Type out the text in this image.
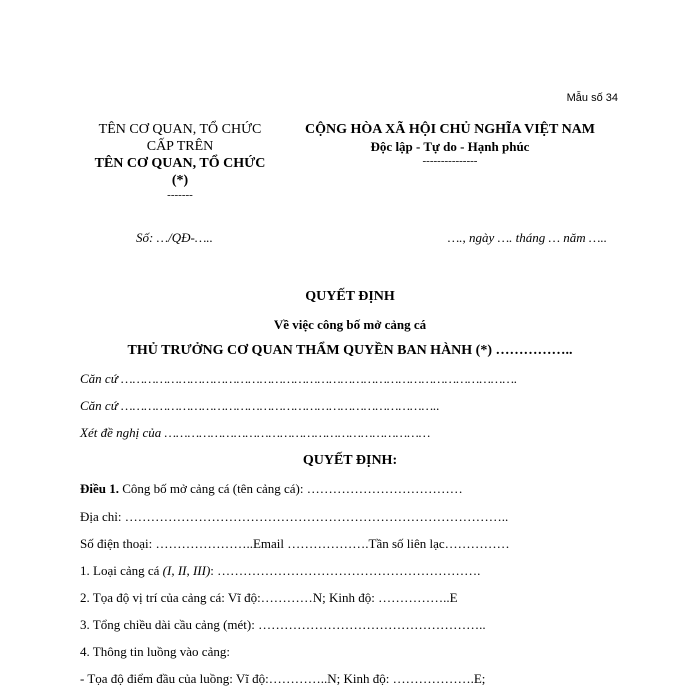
Mẫu số 34
TÊN CƠ QUAN, TỔ CHỨC
CẤP TRÊN
TÊN CƠ QUAN, TỔ CHỨC
(*)
-------
CỘNG HÒA XÃ HỘI CHỦ NGHĨA VIỆT NAM
Độc lập - Tự do - Hạnh phúc
---------------
Số: …/QĐ-…..	…., ngày …. tháng … năm …..
QUYẾT ĐỊNH
Về việc công bố mở cảng cá
THỦ TRƯỞNG CƠ QUAN THẨM QUYỀN BAN HÀNH (*) ……………..
Căn cứ ………………………………………………………………………………………….
Căn cứ ………………………………………………………………………..
Xét đề nghị của ……………………………………………………………
QUYẾT ĐỊNH:
Điều 1. Công bố mở cảng cá (tên cảng cá): ………………………………
Địa chỉ: ……………………………………………………………………………..
Số điện thoại: …………………..Email ……………….Tần số liên lạc……………
1. Loại cảng cá (I, II, III): …………………………………………………….
2. Tọa độ vị trí của cảng cá: Vĩ độ:…………N; Kinh độ: ……………..E
3. Tổng chiều dài cầu cảng (mét): ……………………………………………..
4. Thông tin luồng vào cảng:
- Tọa độ điểm đầu của luồng: Vĩ độ:…………..N; Kinh độ: ……………….E;
